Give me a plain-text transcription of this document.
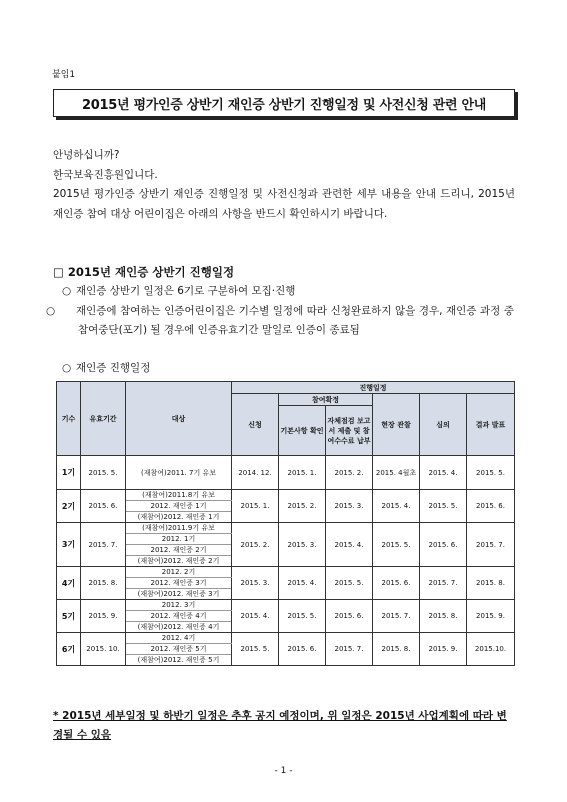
붙임1
2015년 평가인증 상반기 재인증 상반기 진행일정 및 사전신청 관련 안내

안녕하십니까?

한국보육진흥원입니다.

2015년 평가인증 상반기 재인증 진행일정 및 사전신청과 관련한 세부 내용을 안내 드리니, 2015년 재인증 참여 대상 어린이집은 아래의 사항을 반드시 확인하시기 바랍니다.

□ 2015년 재인증 상반기 진행일정
○ 재인증 상반기 일정은 6기로 구분하여 모집·진행
○ 재인증에 참여하는 인증어린이집은 기수별 일정에 따라 신청완료하지 않을 경우, 재인증 과정 중 참여중단(포기) 될 경우에 인증유효기간 말일로 인증이 종료됨
○ 재인증 진행일정
기수	유효기간	대상	진행일정					
			신청	참여확정		현장 관찰	심의	결과 발표
				기본사항 확인	자체점검 보고서 제출 및 참여수수료 납부			
1기	2015. 5.	(재참여)2011. 7기 유보	2014. 12.	2015. 1.	2015. 2.	2015. 4월초	2015. 4.	2015. 5.
2기	2015. 6.	(재참여)2011.8기 유보	2015. 1.	2015. 2.	2015. 3.	2015. 4.	2015. 5.	2015. 6.
		2012. 재인증 1기						
		(재참여)2012. 재인증 1기						
3기	2015. 7.	(재참여)2011.9기 유보	2015. 2.	2015. 3.	2015. 4.	2015. 5.	2015. 6.	2015. 7.
		2012. 1기						
		2012. 재인증 2기						
		(재참여)2012. 재인증 2기						
4기	2015. 8.	2012. 2기	2015. 3.	2015. 4.	2015. 5.	2015. 6.	2015. 7.	2015. 8.
		2012. 재인증 3기						
		(재참여)2012. 재인증 3기						
5기	2015. 9.	2012. 3기	2015. 4.	2015. 5.	2015. 6.	2015. 7.	2015. 8.	2015. 9.
		2012. 재인증 4기						
		(재참여)2012. 재인증 4기						
6기	2015. 10.	2012. 4기	2015. 5.	2015. 6.	2015. 7.	2015. 8.	2015. 9.	2015.10.
		2012. 재인증 5기						
		(재참여)2012. 재인증 5기						
* 2015년 세부일정 및 하반기 일정은 추후 공지 예정이며, 위 일정은 2015년 사업계획에 따라 변경될 수 있음
- 1 -
